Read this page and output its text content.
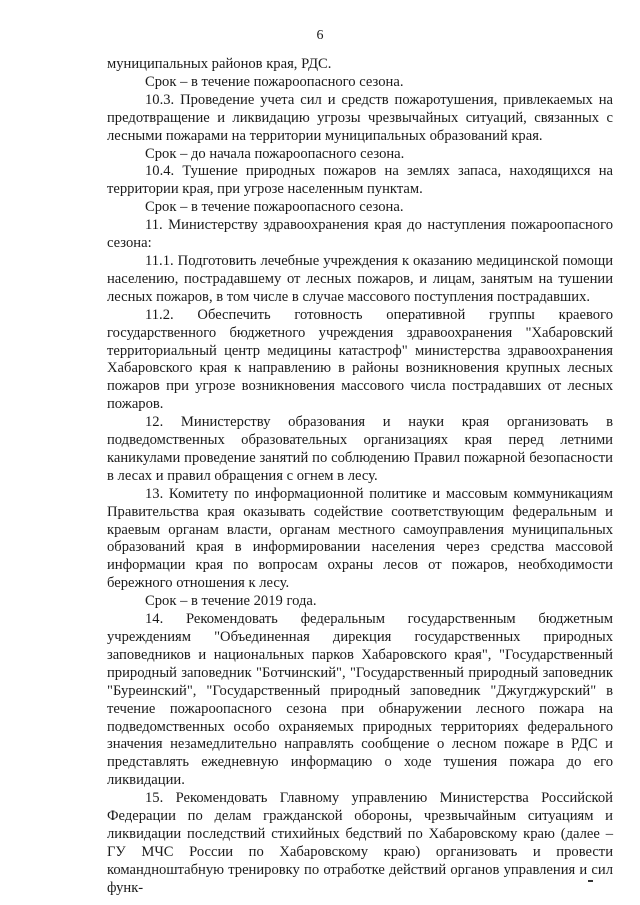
6

муниципальных районов края, РДС.

Срок – в течение пожароопасного сезона.

10.3. Проведение учета сил и средств пожаротушения, привлекаемых на предотвращение и ликвидацию угрозы чрезвычайных ситуаций, связанных с лесными пожарами на территории муниципальных образований края.

Срок – до начала пожароопасного сезона.

10.4. Тушение природных пожаров на землях запаса, находящихся на территории края, при угрозе населенным пунктам.

Срок – в течение пожароопасного сезона.

11. Министерству здравоохранения края до наступления пожароопасного сезона:

11.1. Подготовить лечебные учреждения к оказанию медицинской помощи населению, пострадавшему от лесных пожаров, и лицам, занятым на тушении лесных пожаров, в том числе в случае массового поступления пострадавших.

11.2. Обеспечить готовность оперативной группы краевого государственного бюджетного учреждения здравоохранения "Хабаровский территориальный центр медицины катастроф" министерства здравоохранения Хабаровского края к направлению в районы возникновения крупных лесных пожаров при угрозе возникновения массового числа пострадавших от лесных пожаров.

12. Министерству образования и науки края организовать в подведомственных образовательных организациях края перед летними каникулами проведение занятий по соблюдению Правил пожарной безопасности в лесах и правил обращения с огнем в лесу.

13. Комитету по информационной политике и массовым коммуникациям Правительства края оказывать содействие соответствующим федеральным и краевым органам власти, органам местного самоуправления муниципальных образований края в информировании населения через средства массовой информации края по вопросам охраны лесов от пожаров, необходимости бережного отношения к лесу.

Срок – в течение 2019 года.

14. Рекомендовать федеральным государственным бюджетным учреждениям "Объединенная дирекция государственных природных заповедников и национальных парков Хабаровского края", "Государственный природный заповедник "Ботчинский", "Государственный природный заповедник "Буреинский", "Государственный природный заповедник "Джугджурский" в течение пожароопасного сезона при обнаружении лесного пожара на подведомственных особо охраняемых природных территориях федерального значения незамедлительно направлять сообщение о лесном пожаре в РДС и представлять ежедневную информацию о ходе тушения пожара до его ликвидации.

15. Рекомендовать Главному управлению Министерства Российской Федерации по делам гражданской обороны, чрезвычайным ситуациям и ликвидации последствий стихийных бедствий по Хабаровскому краю (далее – ГУ МЧС России по Хабаровскому краю) организовать и провести командноштабную тренировку по отработке действий органов управления и сил функ-
